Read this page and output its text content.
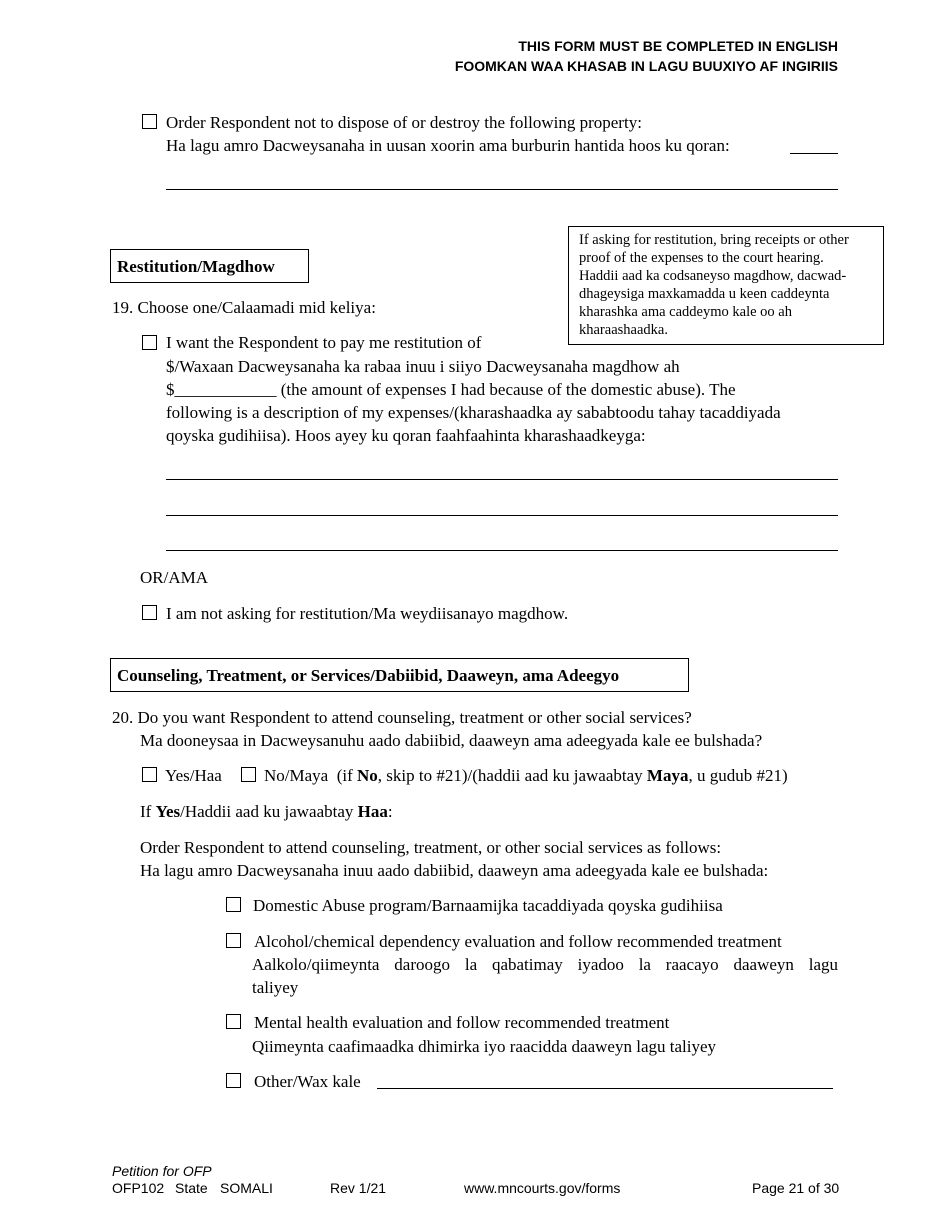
THIS FORM MUST BE COMPLETED IN ENGLISH
FOOMKAN WAA KHASAB IN LAGU BUUXIYO AF INGIRIIS
Order Respondent not to dispose of or destroy the following property:
Ha lagu amro Dacweysanaha in uusan xoorin ama burburin hantida hoos ku qoran:
If asking for restitution, bring receipts or other
proof of the expenses to the court hearing.
Haddii aad ka codsaneyso magdhow, dacwad-
dhageysiga maxkamadda u keen caddeynta
kharashka ama caddeymo kale oo ah
kharaashaadka.
Restitution/Magdhow
19. Choose one/Calaamadi mid keliya:
I want the Respondent to pay me restitution of
$/Waxaan Dacweysanaha ka rabaa inuu i siiyo Dacweysanaha magdhow ah
$____________ (the amount of expenses I had because of the domestic abuse). The
following is a description of my expenses/(kharashaadka ay sababtoodu tahay tacaddiyada
qoyska gudihiisa). Hoos ayey ku qoran faahfaahinta kharashaadkeyga:
OR/AMA
I am not asking for restitution/Ma weydiisanayo magdhow.
Counseling, Treatment, or Services/Dabiibid, Daaweyn, ama Adeegyo
20. Do you want Respondent to attend counseling, treatment or other social services?
Ma dooneysaa in Dacweysanuhu aado dabiibid, daaweyn ama adeegyada kale ee bulshada?
Yes/Haa No/Maya (if No, skip to #21)/(haddii aad ku jawaabtay Maya, u gudub #21)
If Yes/Haddii aad ku jawaabtay Haa:
Order Respondent to attend counseling, treatment, or other social services as follows:
Ha lagu amro Dacweysanaha inuu aado dabiibid, daaweyn ama adeegyada kale ee bulshada:
Domestic Abuse program/Barnaamijka tacaddiyada qoyska gudihiisa
Alcohol/chemical dependency evaluation and follow recommended treatment
Aalkolo/qiimeynta daroogo la qabatimay iyadoo la raacayo daaweyn lagu
taliyey
Mental health evaluation and follow recommended treatment
Qiimeynta caafimaadka dhimirka iyo raacidda daaweyn lagu taliyey
Other/Wax kale
Petition for OFP
OFP102 State SOMALI	Rev 1/21	www.mncourts.gov/forms	Page 21 of 30
